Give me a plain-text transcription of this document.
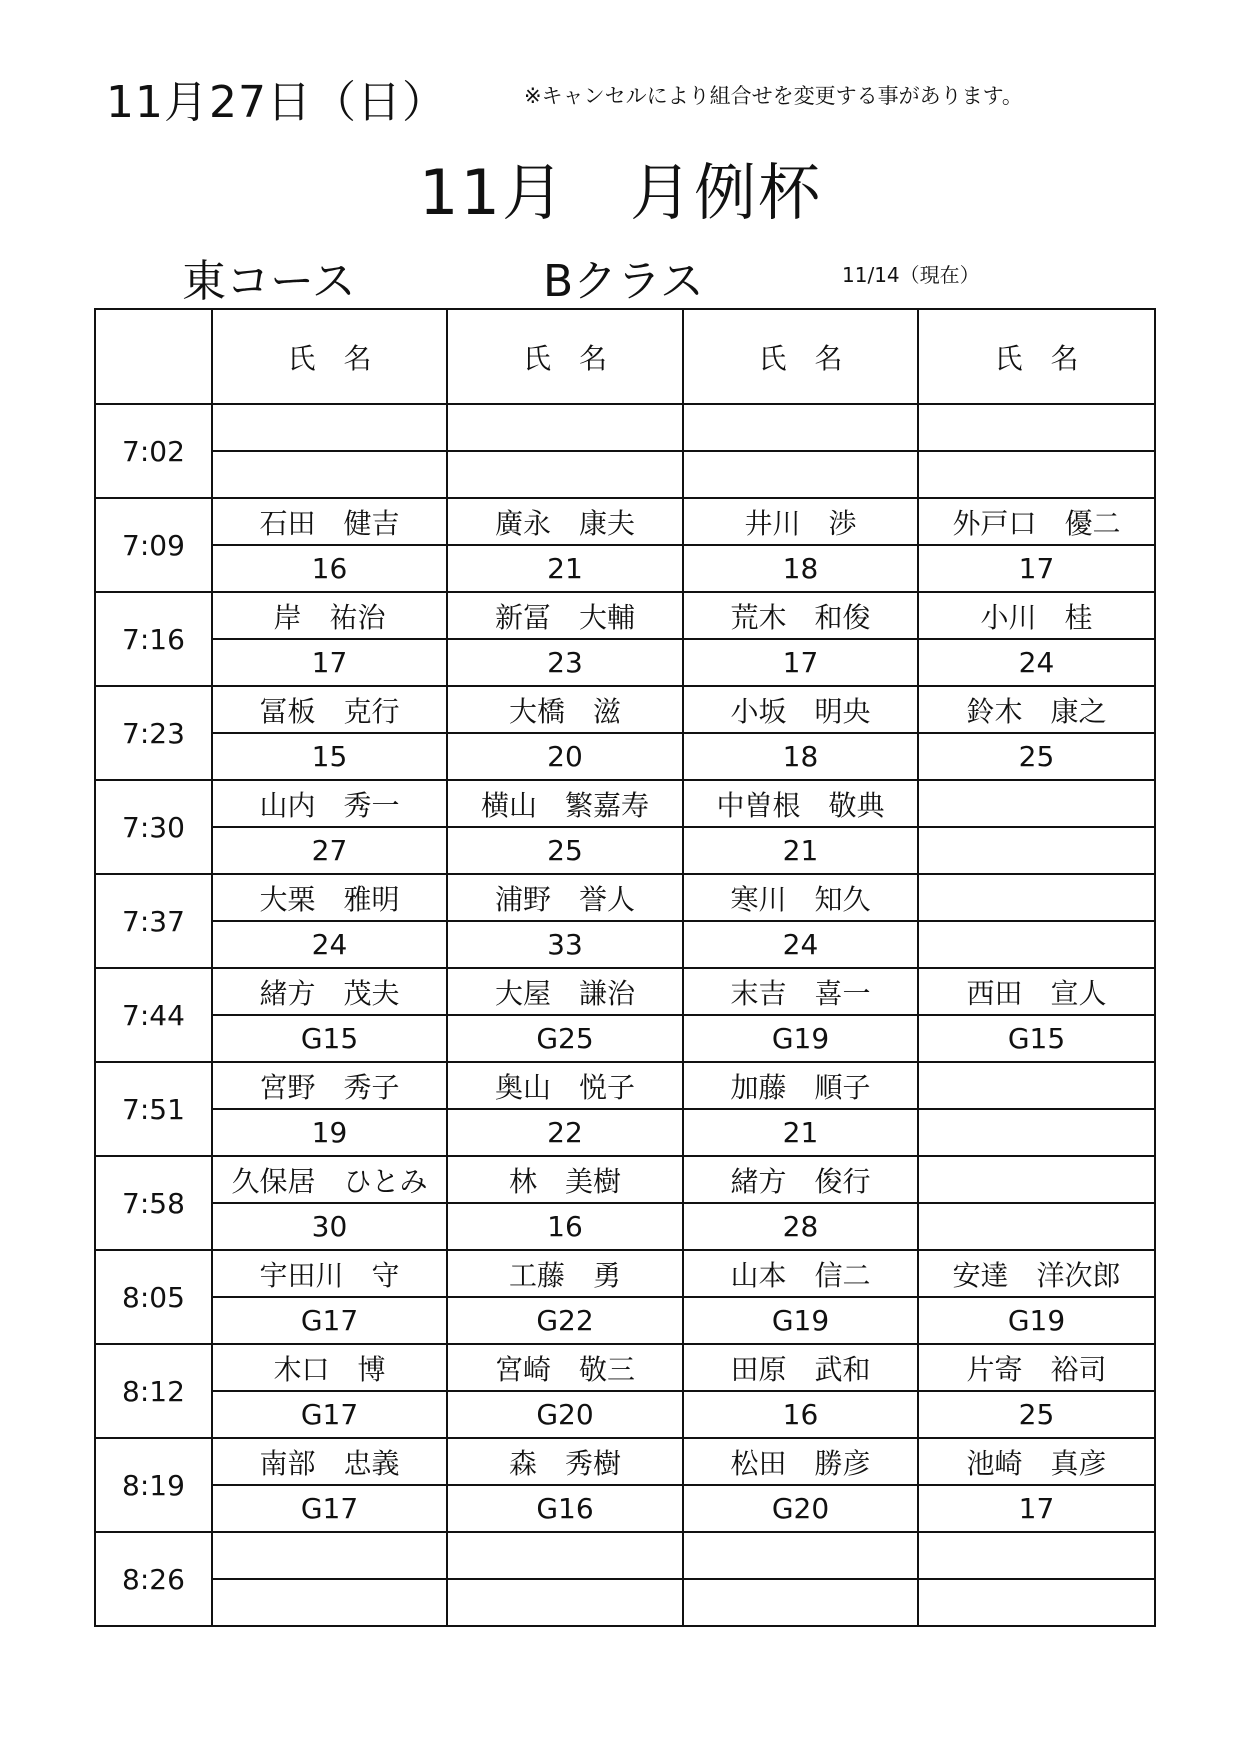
11月27日（日）	※キャンセルにより組合せを変更する事があります。
11月　月例杯
東コース	Bクラス	11/14（現在）
	氏　名	氏　名	氏　名	氏　名
7:02				

7:09	石田　健吉	廣永　康夫	井川　渉	外戸口　優二
	16	21	18	17
7:16	岸　祐治	新冨　大輔	荒木　和俊	小川　桂
	17	23	17	24
7:23	冨板　克行	大橋　滋	小坂　明央	鈴木　康之
	15	20	18	25
7:30	山内　秀一	横山　繁嘉寿	中曽根　敬典	
	27	25	21	
7:37	大栗　雅明	浦野　誉人	寒川　知久	
	24	33	24	
7:44	緒方　茂夫	大屋　謙治	末吉　喜一	西田　宣人
	G15	G25	G19	G15
7:51	宮野　秀子	奥山　悦子	加藤　順子	
	19	22	21	
7:58	久保居　ひとみ	林　美樹	緒方　俊行	
	30	16	28	
8:05	宇田川　守	工藤　勇	山本　信二	安達　洋次郎
	G17	G22	G19	G19
8:12	木口　博	宮崎　敬三	田原　武和	片寄　裕司
	G17	G20	16	25
8:19	南部　忠義	森　秀樹	松田　勝彦	池崎　真彦
	G17	G16	G20	17
8:26				
